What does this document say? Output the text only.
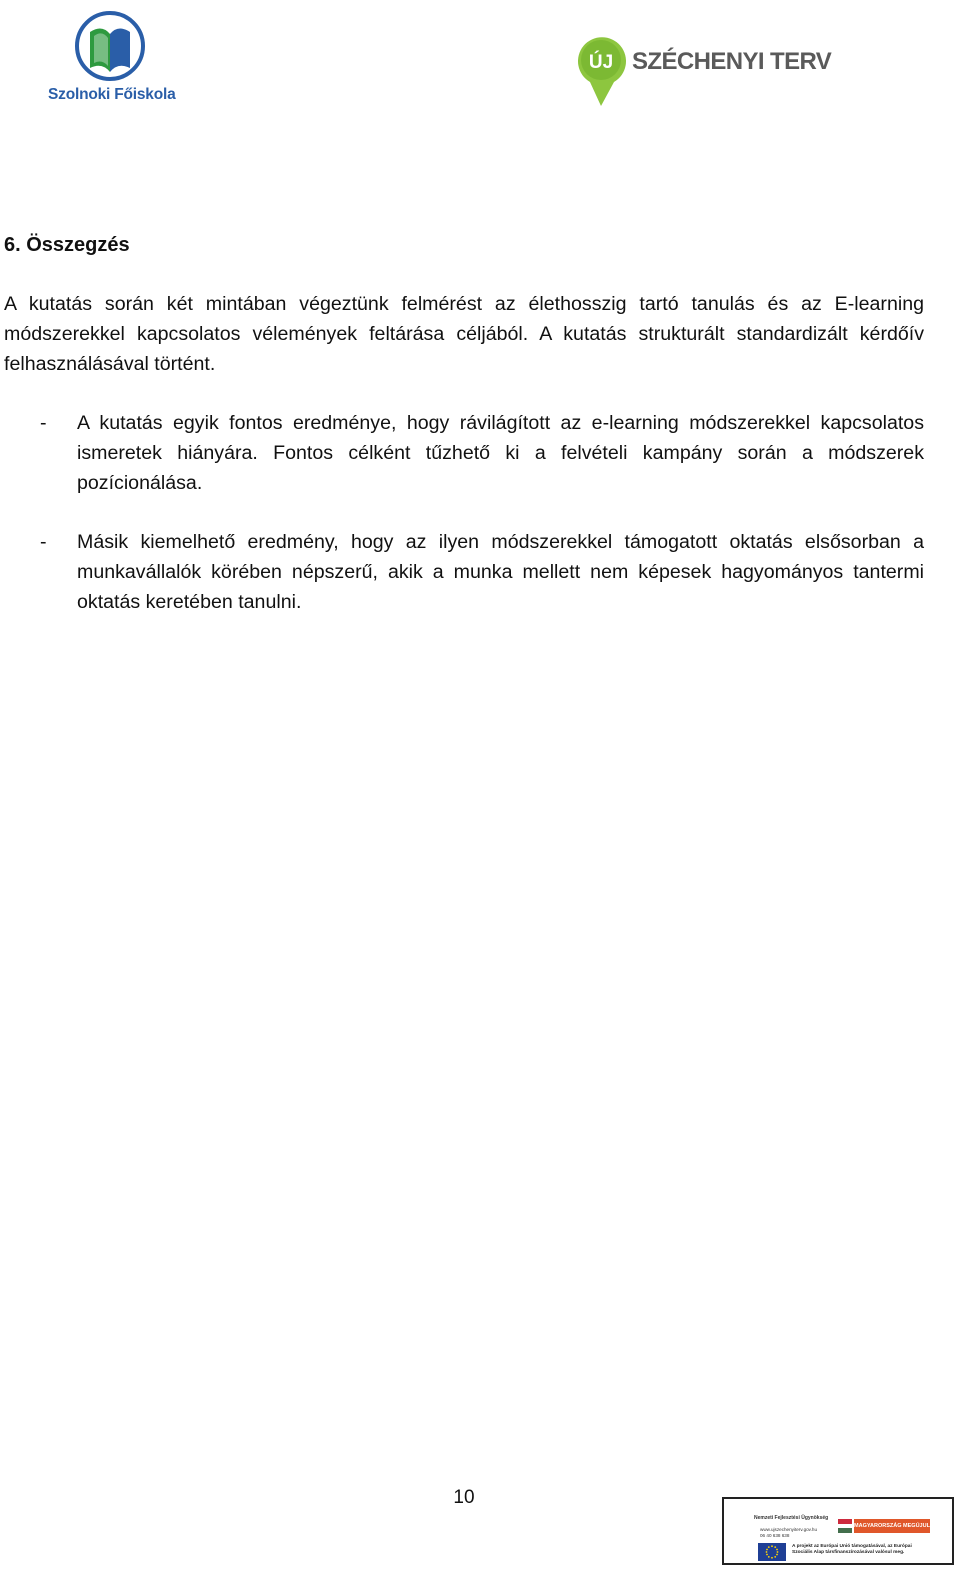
Szolnoki Főiskola
ÚJ SZÉCHENYI TERV
6. Összegzés

A kutatás során két mintában végeztünk felmérést az élethosszig tartó tanulás és az E-learning módszerekkel kapcsolatos vélemények feltárása céljából. A kutatás strukturált standardizált kérdőív felhasználásával történt.

- A kutatás egyik fontos eredménye, hogy rávilágított az e-learning módszerekkel kapcsolatos ismeretek hiányára. Fontos célként tűzhető ki a felvételi kampány során a módszerek pozícionálása.
- Másik kiemelhető eredmény, hogy az ilyen módszerekkel támogatott oktatás elsősorban a munkavállalók körében népszerű, akik a munka mellett nem képesek hagyományos tantermi oktatás keretében tanulni.
10
Nemzeti Fejlesztési Ügynökség
www.ujszechenyiterv.gov.hu
06 40 638 638
MAGYARORSZÁG MEGÚJUL
A projekt az Európai Unió támogatásával, az Európai
Szociális Alap társfinanszírozásával valósul meg.
